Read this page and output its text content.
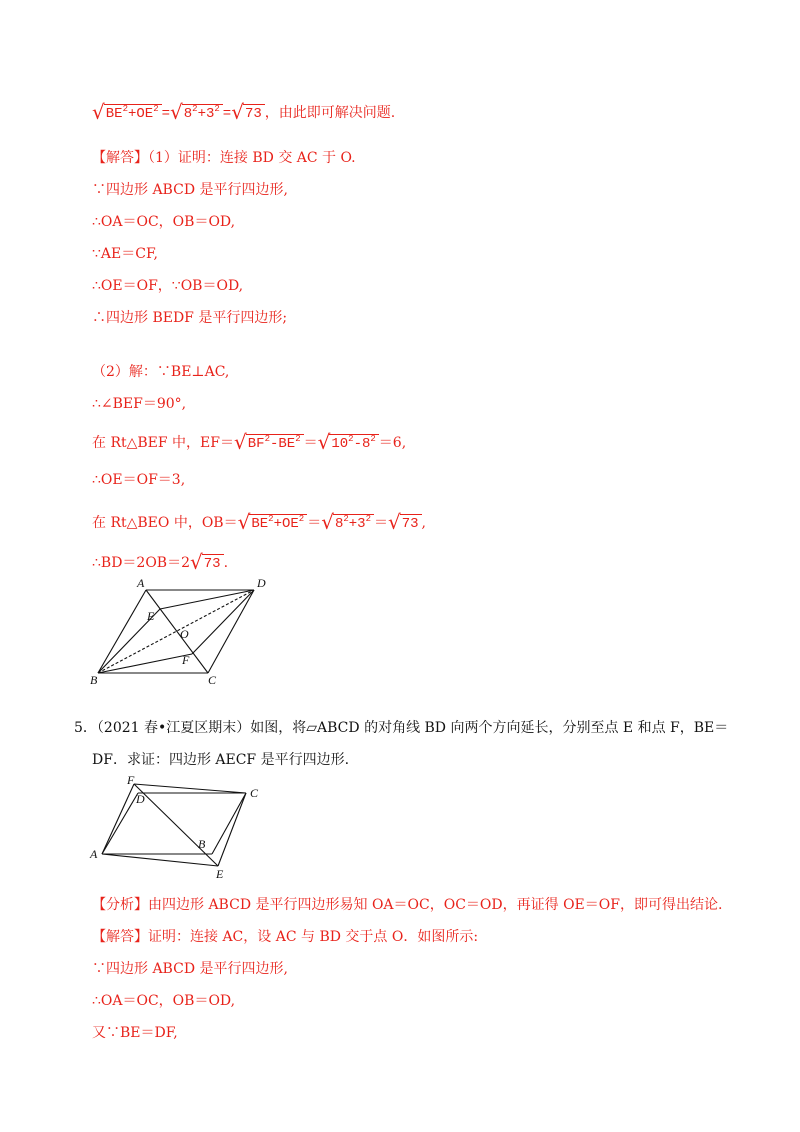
$√BE^2+OE^2 =√8^2+3^2 =√73$ ，由此即可解决问题.
【解答】（1）证明：连接 BD 交 AC 于 O.
∵四边形 ABCD 是平行四边形,
∴OA＝OC，OB＝OD,
∵AE＝CF,
∴OE＝OF，∵OB＝OD,
∴四边形 BEDF 是平行四边形;
（2）解：∵BE⊥AC,
∴∠BEF＝90°,
在 Rt△BEF 中，$EF=√BF^2-BE^2 =√10^2-8^2 =6$,
∴OE＝OF＝3,
在 Rt△BEO 中，$OB=√BE^2+OE^2 =√8^2+3^2 =√73$ ,
∴BD＝2OB＝2√73 .
A	D
E
O
F
B	C
5．（2021 春•江夏区期末）如图，将▱ABCD 的对角线 BD 向两个方向延长，分别至点 E 和点 F，BE＝
DF．求证：四边形 AECF 是平行四边形.
F
D	C
B
A
E
【分析】由四边形 ABCD 是平行四边形易知 OA＝OC，OC＝OD，再证得 OE＝OF，即可得出结论.
【解答】证明：连接 AC，设 AC 与 BD 交于点 O．如图所示:
∵四边形 ABCD 是平行四边形,
∴OA＝OC，OB＝OD,
又∵BE＝DF,
